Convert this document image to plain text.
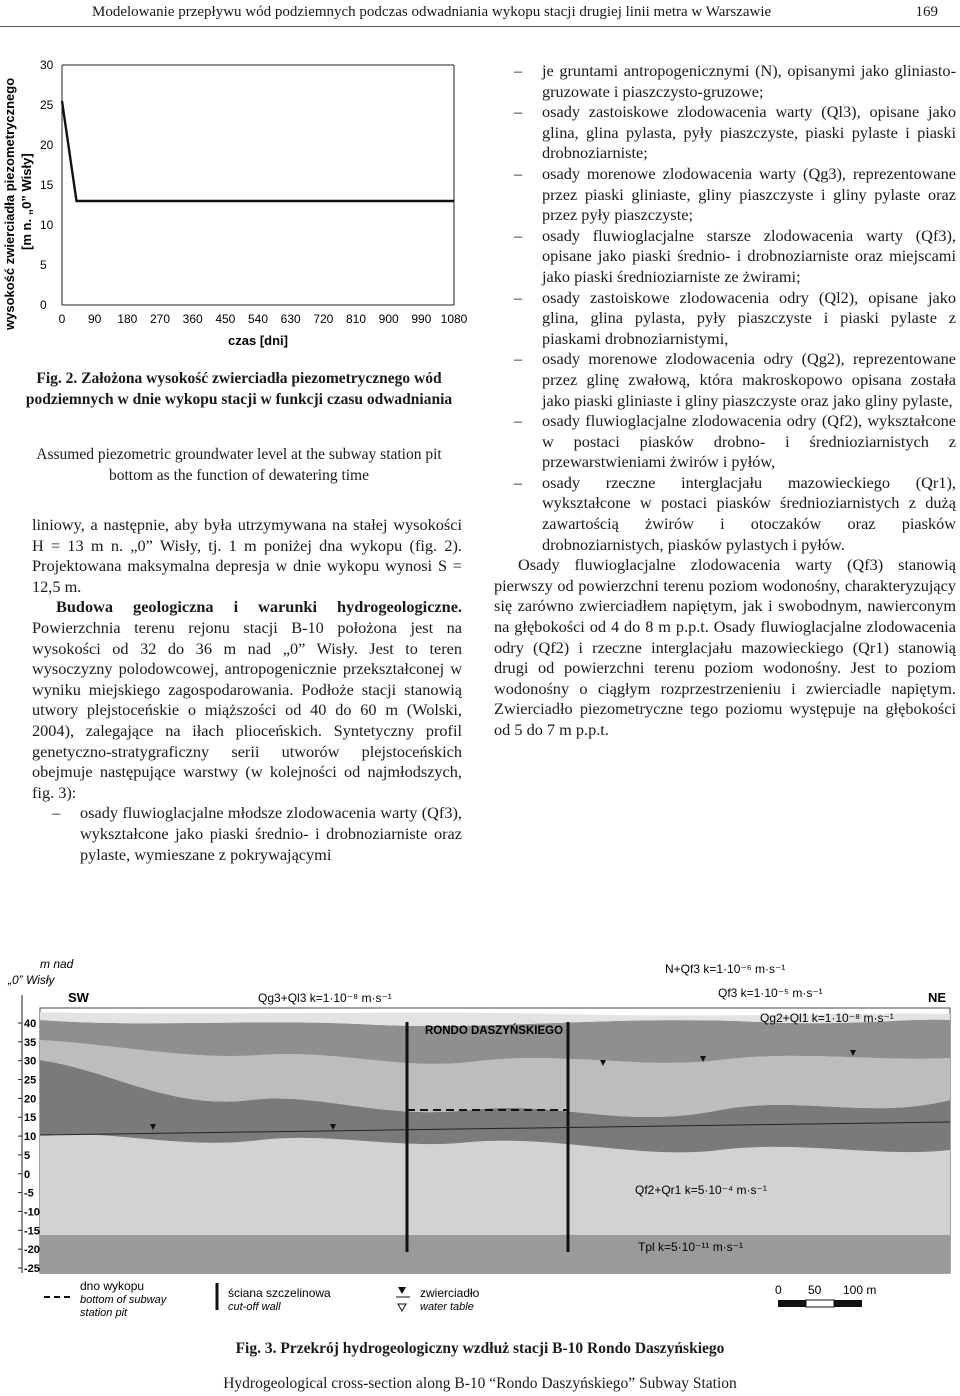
Modelowanie przepływu wód podziemnych podczas odwadniania wykopu stacji drugiej linii metra w Warszawie	169
wysokość zwierciadła piezometrycznego [m n. „0” Wisły]
0
5
10
15
20
25
30
0 90 180 270 360 450 540 630 720 810 900 990 1080
czas [dni]
Fig. 2. Założona wysokość zwierciadła piezometrycznego wód podziemnych w dnie wykopu stacji w funkcji czasu odwadniania
Assumed piezometric groundwater level at the subway station pit bottom as the function of dewatering time

liniowy, a następnie, aby była utrzymywana na stałej wysokości H = 13 m n. „0” Wisły, tj. 1 m poniżej dna wykopu (fig. 2). Projektowana maksymalna depresja w dnie wykopu wynosi S = 12,5 m.

Budowa geologiczna i warunki hydrogeologiczne. Powierzchnia terenu rejonu stacji B-10 położona jest na wysokości od 32 do 36 m nad „0” Wisły. Jest to teren wysoczyzny polodowcowej, antropogenicznie przekształconej w wyniku miejskiego zagospodarowania. Podłoże stacji stanowią utwory plejstoceńskie o miąższości od 40 do 60 m (Wolski, 2004), zalegające na iłach plioceńskich. Syntetyczny profil genetyczno-stratygraficzny serii utworów plejstoceńskich obejmuje następujące warstwy (w kolejności od najmłodszych, fig. 3):

– osady fluwioglacjalne młodsze zlodowacenia warty (Qf3), wykształcone jako piaski średnio- i drobnoziarniste oraz pylaste, wymieszane z pokrywającymi
– je gruntami antropogenicznymi (N), opisanymi jako gliniasto-gruzowate i piaszczysto-gruzowe;
– osady zastoiskowe zlodowacenia warty (Ql3), opisane jako glina, glina pylasta, pyły piaszczyste, piaski pylaste i piaski drobnoziarniste;
– osady morenowe zlodowacenia warty (Qg3), reprezentowane przez piaski gliniaste, gliny piaszczyste i gliny pylaste oraz przez pyły piaszczyste;
– osady fluwioglacjalne starsze zlodowacenia warty (Qf3), opisane jako piaski średnio- i drobnoziarniste oraz miejscami jako piaski średnioziarniste ze żwirami;
– osady zastoiskowe zlodowacenia odry (Ql2), opisane jako glina, glina pylasta, pyły piaszczyste i piaski pylaste z piaskami drobnoziarnistymi,
– osady morenowe zlodowacenia odry (Qg2), reprezentowane przez glinę zwałową, która makroskopowo opisana została jako piaski gliniaste i gliny piaszczyste oraz jako gliny pylaste,
– osady fluwioglacjalne zlodowacenia odry (Qf2), wykształcone w postaci piasków drobno- i średnioziarnistych z przewarstwieniami żwirów i pyłów,
– osady rzeczne interglacjału mazowieckiego (Qr1), wykształcone w postaci piasków średnioziarnistych z dużą zawartością żwirów i otoczaków oraz piasków drobnoziarnistych, piasków pylastych i pyłów.

Osady fluwioglacjalne zlodowacenia warty (Qf3) stanowią pierwszy od powierzchni terenu poziom wodonośny, charakteryzujący się zarówno zwierciadłem napiętym, jak i swobodnym, nawierconym na głębokości od 4 do 8 m p.p.t. Osady fluwioglacjalne zlodowacenia odry (Qf2) i rzeczne interglacjału mazowieckiego (Qr1) stanowią drugi od powierzchni terenu poziom wodonośny. Jest to poziom wodonośny o ciągłym rozprzestrzenieniu i zwierciadle napiętym. Zwierciadło piezometryczne tego poziomu występuje na głębokości od 5 do 7 m p.p.t.

m nad
„0” Wisły
40
35
30
25
20
15
10
5
0
-5
-10
-15
-20
-25
SW	NE
RONDO DASZYŃSKIEGO
Qg3+Ql3 k=1·10⁻⁸ m·s⁻¹
N+Qf3 k=1·10⁻⁶ m·s⁻¹
Qf3 k=1·10⁻⁵ m·s⁻¹
Qg2+Ql1 k=1·10⁻⁸ m·s⁻¹
Qf2+Qr1 k=5·10⁻⁴ m·s⁻¹
Tpl k=5·10⁻¹¹ m·s⁻¹
dno wykopu
bottom of subway
station pit
ściana szczelinowa
cut-off wall
zwierciadło
water table
0 50 100 m
Fig. 3. Przekrój hydrogeologiczny wzdłuż stacji B-10 Rondo Daszyńskiego
Hydrogeological cross-section along B-10 “Rondo Daszyńskiego” Subway Station
